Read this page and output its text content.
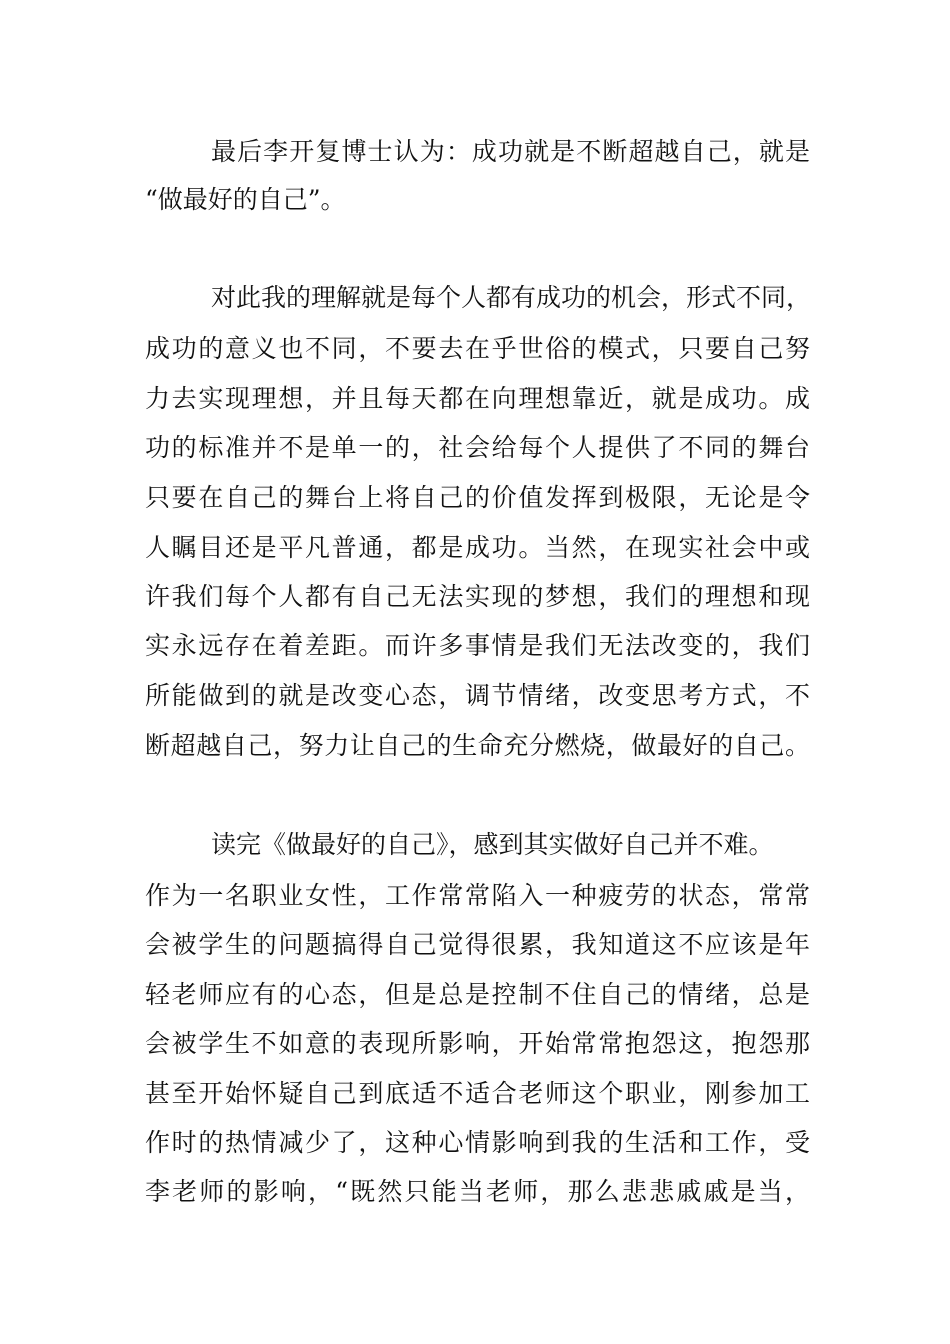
最后李开复博士认为：成功就是不断超越自己，就是
“做最好的自己”。
对此我的理解就是每个人都有成功的机会，形式不同，
成功的意义也不同，不要去在乎世俗的模式，只要自己努
力去实现理想，并且每天都在向理想靠近，就是成功。成
功的标准并不是单一的，社会给每个人提供了不同的舞台
只要在自己的舞台上将自己的价值发挥到极限，无论是令
人瞩目还是平凡普通，都是成功。当然，在现实社会中或
许我们每个人都有自己无法实现的梦想，我们的理想和现
实永远存在着差距。而许多事情是我们无法改变的，我们
所能做到的就是改变心态，调节情绪，改变思考方式，不
断超越自己，努力让自己的生命充分燃烧，做最好的自己。
读完《做最好的自己》，感到其实做好自己并不难。
作为一名职业女性，工作常常陷入一种疲劳的状态，常常
会被学生的问题搞得自己觉得很累，我知道这不应该是年
轻老师应有的心态，但是总是控制不住自己的情绪，总是
会被学生不如意的表现所影响，开始常常抱怨这，抱怨那
甚至开始怀疑自己到底适不适合老师这个职业，刚参加工
作时的热情减少了，这种心情影响到我的生活和工作，受
李老师的影响，“既然只能当老师，那么悲悲戚戚是当，
